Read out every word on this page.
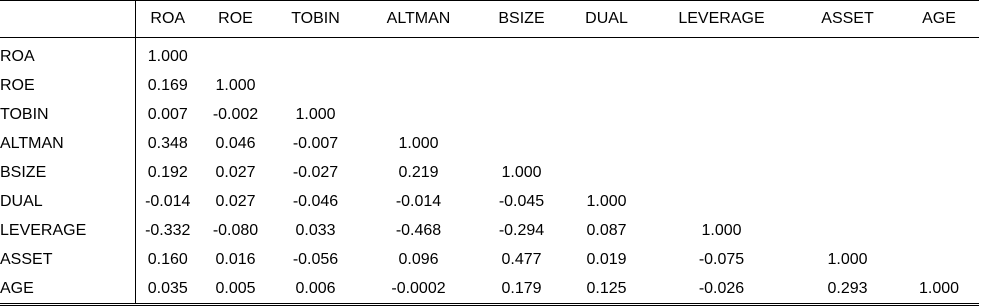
	ROA	ROE	TOBIN	ALTMAN	BSIZE	DUAL	LEVERAGE	ASSET	AGE
ROA	1.000								
ROE	0.169	1.000							
TOBIN	0.007	-0.002	1.000						
ALTMAN	0.348	0.046	-0.007	1.000					
BSIZE	0.192	0.027	-0.027	0.219	1.000				
DUAL	-0.014	0.027	-0.046	-0.014	-0.045	1.000			
LEVERAGE	-0.332	-0.080	0.033	-0.468	-0.294	0.087	1.000		
ASSET	0.160	0.016	-0.056	0.096	0.477	0.019	-0.075	1.000	
AGE	0.035	0.005	0.006	-0.0002	0.179	0.125	-0.026	0.293	1.000
